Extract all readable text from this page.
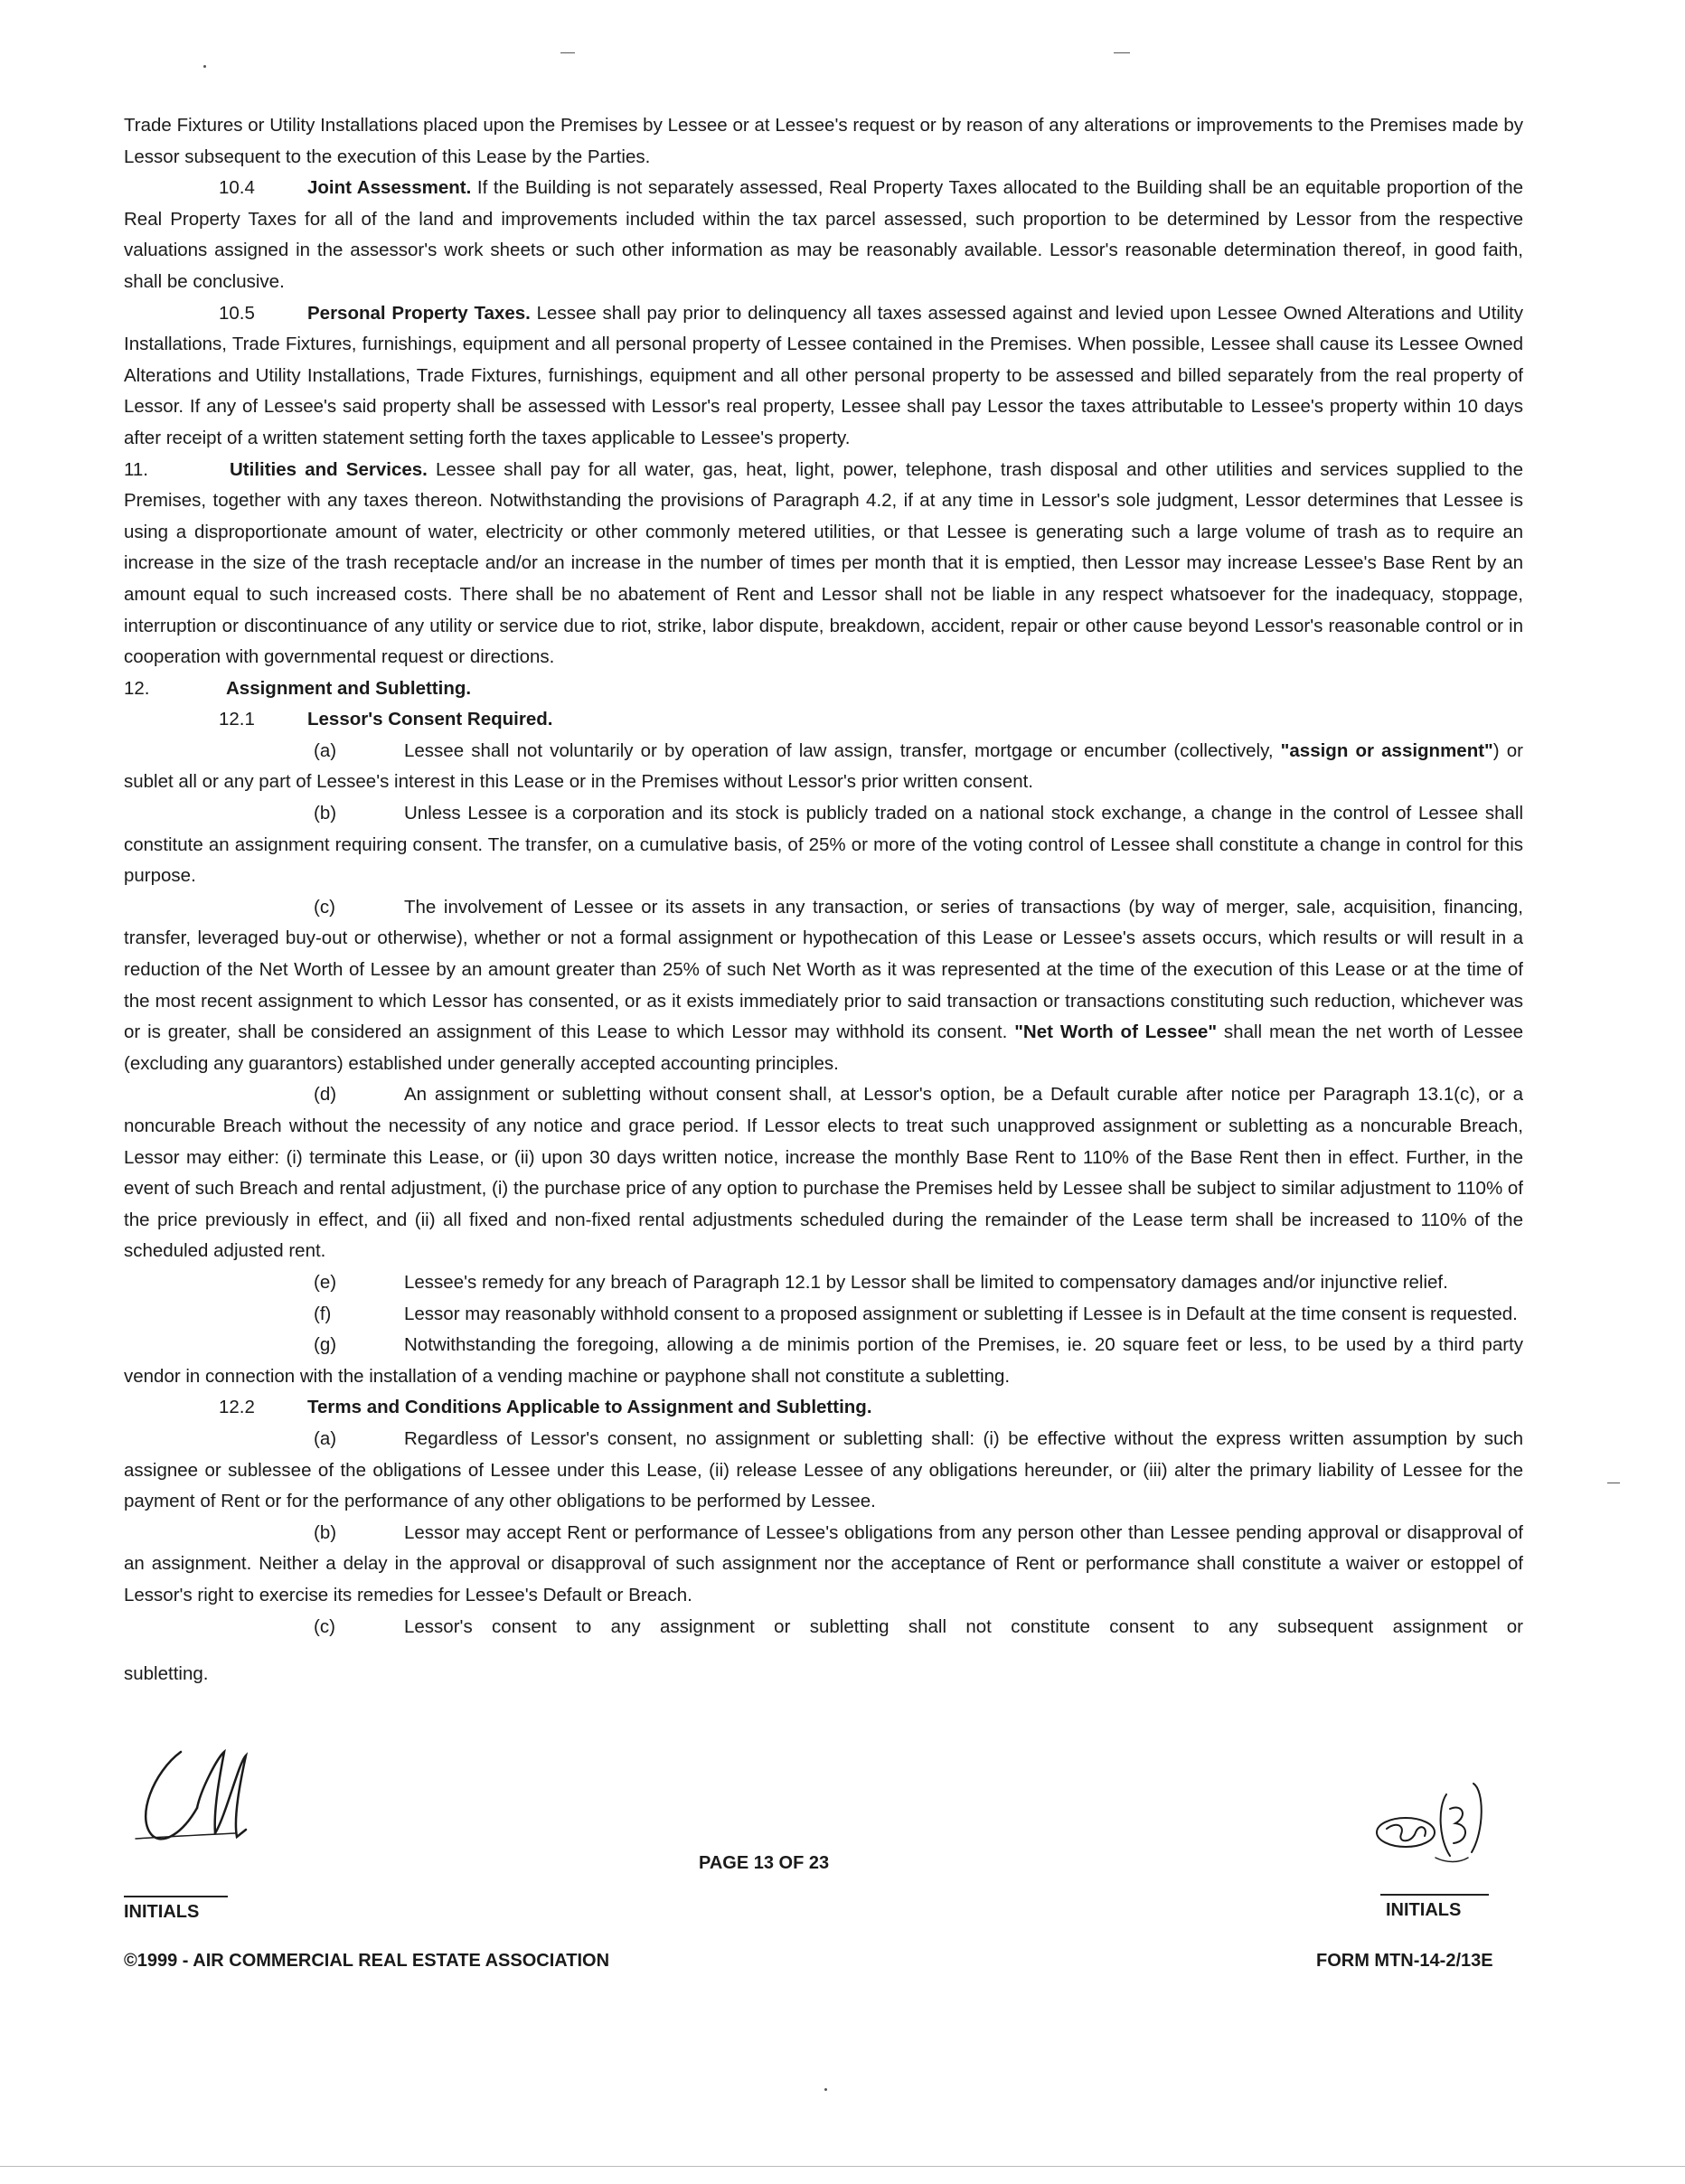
Trade Fixtures or Utility Installations placed upon the Premises by Lessee or at Lessee's request or by reason of any alterations or improvements to the Premises made by Lessor subsequent to the execution of this Lease by the Parties.

10.4	Joint Assessment. If the Building is not separately assessed, Real Property Taxes allocated to the Building shall be an equitable proportion of the Real Property Taxes for all of the land and improvements included within the tax parcel assessed, such proportion to be determined by Lessor from the respective valuations assigned in the assessor's work sheets or such other information as may be reasonably available. Lessor's reasonable determination thereof, in good faith, shall be conclusive.

10.5	Personal Property Taxes. Lessee shall pay prior to delinquency all taxes assessed against and levied upon Lessee Owned Alterations and Utility Installations, Trade Fixtures, furnishings, equipment and all personal property of Lessee contained in the Premises. When possible, Lessee shall cause its Lessee Owned Alterations and Utility Installations, Trade Fixtures, furnishings, equipment and all other personal property to be assessed and billed separately from the real property of Lessor. If any of Lessee's said property shall be assessed with Lessor's real property, Lessee shall pay Lessor the taxes attributable to Lessee's property within 10 days after receipt of a written statement setting forth the taxes applicable to Lessee's property.

11.	Utilities and Services. Lessee shall pay for all water, gas, heat, light, power, telephone, trash disposal and other utilities and services supplied to the Premises, together with any taxes thereon. Notwithstanding the provisions of Paragraph 4.2, if at any time in Lessor's sole judgment, Lessor determines that Lessee is using a disproportionate amount of water, electricity or other commonly metered utilities, or that Lessee is generating such a large volume of trash as to require an increase in the size of the trash receptacle and/or an increase in the number of times per month that it is emptied, then Lessor may increase Lessee's Base Rent by an amount equal to such increased costs. There shall be no abatement of Rent and Lessor shall not be liable in any respect whatsoever for the inadequacy, stoppage, interruption or discontinuance of any utility or service due to riot, strike, labor dispute, breakdown, accident, repair or other cause beyond Lessor's reasonable control or in cooperation with governmental request or directions.

12.	Assignment and Subletting.

12.1	Lessor's Consent Required.

(a)	Lessee shall not voluntarily or by operation of law assign, transfer, mortgage or encumber (collectively, "assign or assignment") or sublet all or any part of Lessee's interest in this Lease or in the Premises without Lessor's prior written consent.

(b)	Unless Lessee is a corporation and its stock is publicly traded on a national stock exchange, a change in the control of Lessee shall constitute an assignment requiring consent. The transfer, on a cumulative basis, of 25% or more of the voting control of Lessee shall constitute a change in control for this purpose.

(c)	The involvement of Lessee or its assets in any transaction, or series of transactions (by way of merger, sale, acquisition, financing, transfer, leveraged buy-out or otherwise), whether or not a formal assignment or hypothecation of this Lease or Lessee's assets occurs, which results or will result in a reduction of the Net Worth of Lessee by an amount greater than 25% of such Net Worth as it was represented at the time of the execution of this Lease or at the time of the most recent assignment to which Lessor has consented, or as it exists immediately prior to said transaction or transactions constituting such reduction, whichever was or is greater, shall be considered an assignment of this Lease to which Lessor may withhold its consent. "Net Worth of Lessee" shall mean the net worth of Lessee (excluding any guarantors) established under generally accepted accounting principles.

(d)	An assignment or subletting without consent shall, at Lessor's option, be a Default curable after notice per Paragraph 13.1(c), or a noncurable Breach without the necessity of any notice and grace period. If Lessor elects to treat such unapproved assignment or subletting as a noncurable Breach, Lessor may either: (i) terminate this Lease, or (ii) upon 30 days written notice, increase the monthly Base Rent to 110% of the Base Rent then in effect. Further, in the event of such Breach and rental adjustment, (i) the purchase price of any option to purchase the Premises held by Lessee shall be subject to similar adjustment to 110% of the price previously in effect, and (ii) all fixed and non-fixed rental adjustments scheduled during the remainder of the Lease term shall be increased to 110% of the scheduled adjusted rent.

(e)	Lessee's remedy for any breach of Paragraph 12.1 by Lessor shall be limited to compensatory damages and/or injunctive relief.

(f)	Lessor may reasonably withhold consent to a proposed assignment or subletting if Lessee is in Default at the time consent is requested.

(g)	Notwithstanding the foregoing, allowing a de minimis portion of the Premises, ie. 20 square feet or less, to be used by a third party vendor in connection with the installation of a vending machine or payphone shall not constitute a subletting.

12.2	Terms and Conditions Applicable to Assignment and Subletting.

(a)	Regardless of Lessor's consent, no assignment or subletting shall: (i) be effective without the express written assumption by such assignee or sublessee of the obligations of Lessee under this Lease, (ii) release Lessee of any obligations hereunder, or (iii) alter the primary liability of Lessee for the payment of Rent or for the performance of any other obligations to be performed by Lessee.

(b)	Lessor may accept Rent or performance of Lessee's obligations from any person other than Lessee pending approval or disapproval of an assignment. Neither a delay in the approval or disapproval of such assignment nor the acceptance of Rent or performance shall constitute a waiver or estoppel of Lessor's right to exercise its remedies for Lessee's Default or Breach.

(c)	Lessor's consent to any assignment or subletting shall not constitute consent to any subsequent assignment or

subletting.

INITIALS
PAGE 13 OF 23
INITIALS
©1999 - AIR COMMERCIAL REAL ESTATE ASSOCIATION	FORM MTN-14-2/13E
